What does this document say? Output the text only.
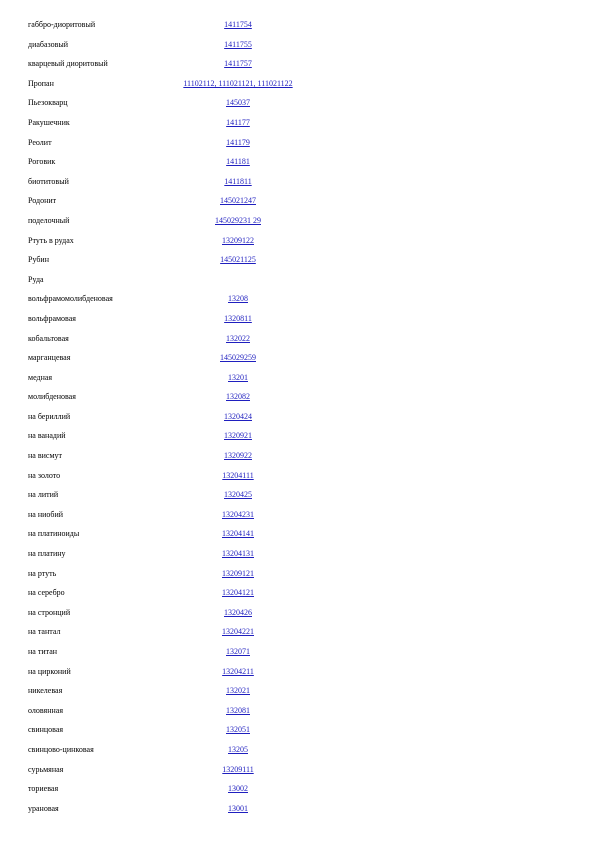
габбро-диоритовый	1411754
диабазовый	1411755
кварцевый диоритовый	1411757
Пропан	11102112, 111021121, 111021122
Пьезокварц	145037
Ракушечник	141177
Реолит	141179
Роговик	141181
биотитовый	1411811
Родонит	145021247
поделочный	145029231 29
Ртуть в рудах	13209122
Рубин	145021125
Руда
вольфрамомолибденовая	13208
вольфрамовая	1320811
кобальтовая	132022
марганцевая	145029259
медная	13201
молибденовая	132082
на бериллий	1320424
на ванадий	1320921
на висмут	1320922
на золото	13204111
на литий	1320425
на ниобий	13204231
на платиноиды	13204141
на платину	13204131
на ртуть	13209121
на серебро	13204121
на стронций	1320426
на тантал	13204221
на титан	132071
на цирконий	13204211
никелевая	132021
оловянная	132081
свинцовая	132051
свинцово-цинковая	13205
сурьмяная	13209111
ториевая	13002
урановая	13001
